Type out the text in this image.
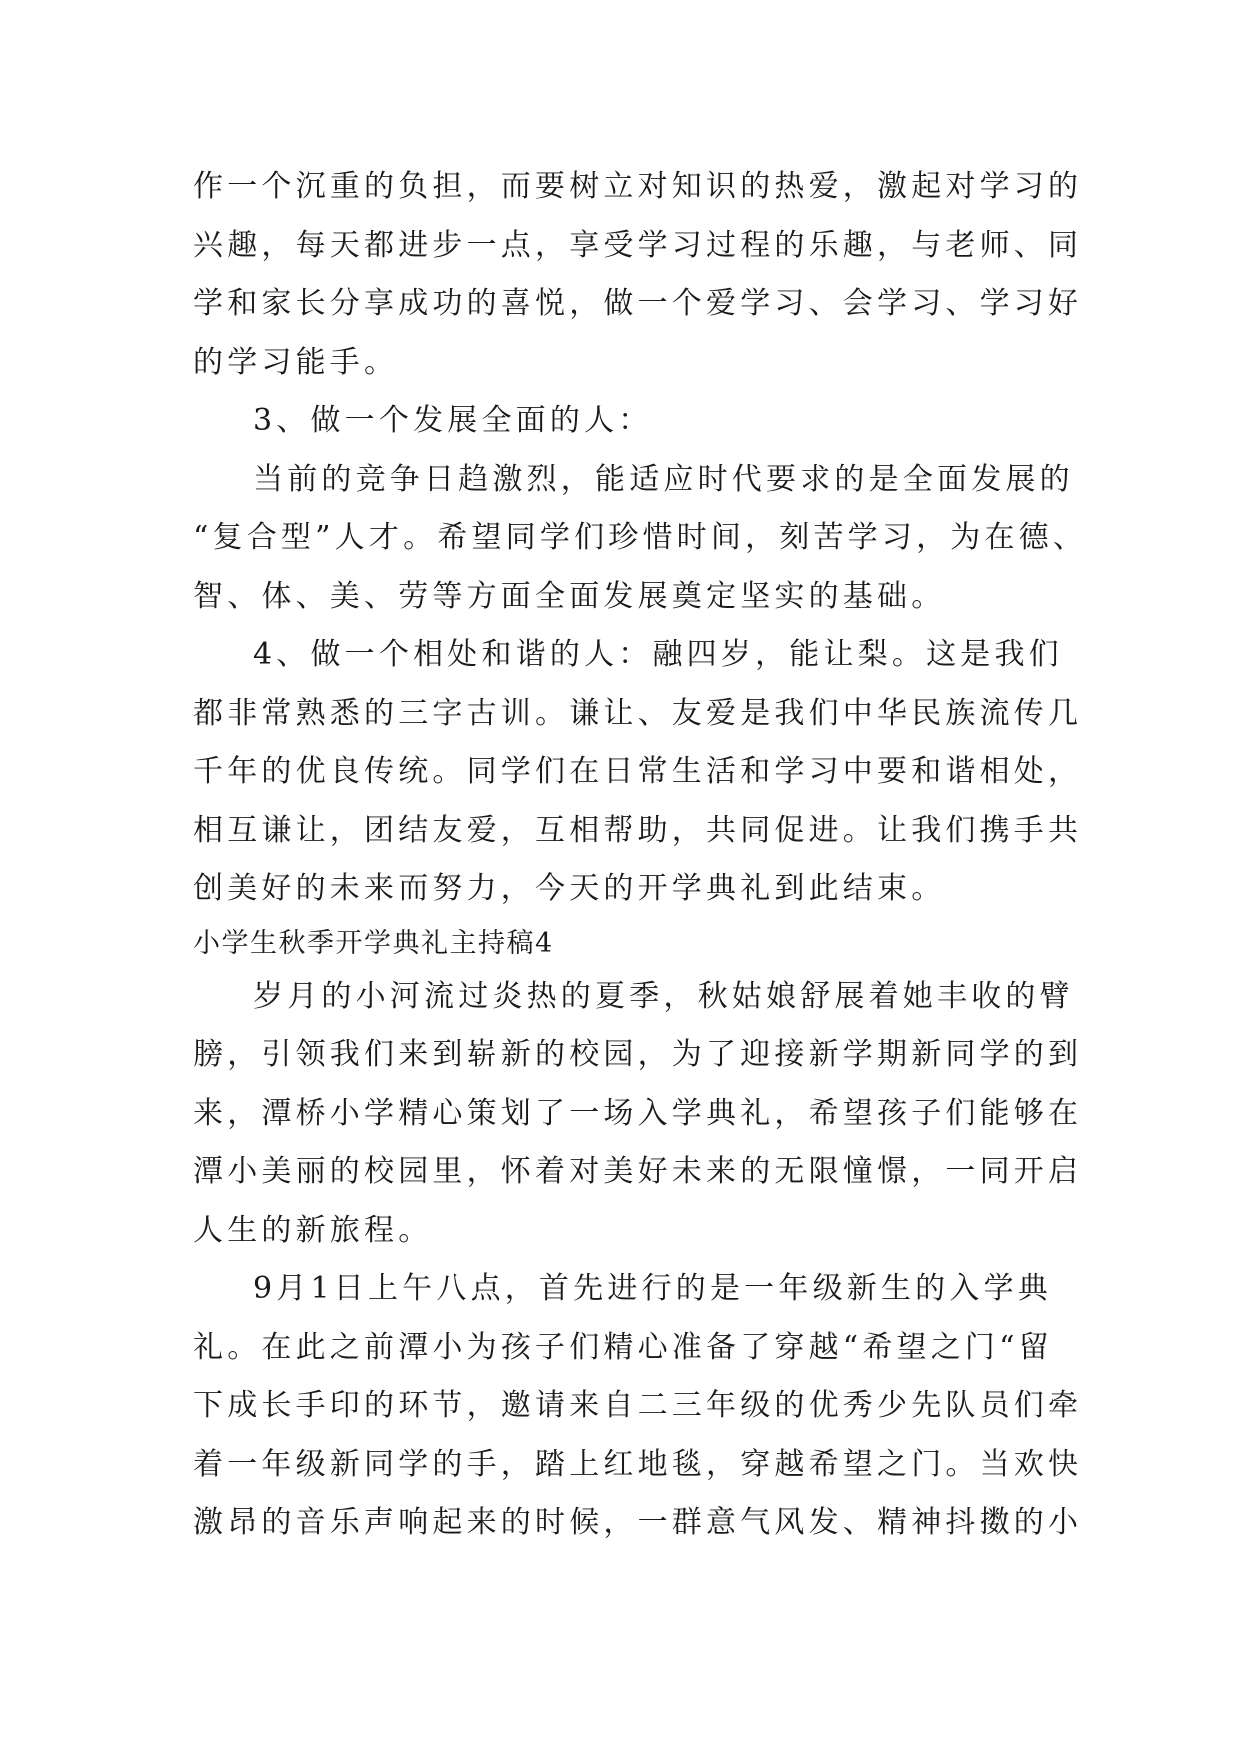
作一个沉重的负担，而要树立对知识的热爱，激起对学习的
兴趣，每天都进步一点，享受学习过程的乐趣，与老师、同
学和家长分享成功的喜悦，做一个爱学习、会学习、学习好
的学习能手。
3、做一个发展全面的人：
当前的竞争日趋激烈，能适应时代要求的是全面发展的
“复合型”人才。希望同学们珍惜时间，刻苦学习，为在德、
智、体、美、劳等方面全面发展奠定坚实的基础。
4、做一个相处和谐的人：融四岁，能让梨。这是我们
都非常熟悉的三字古训。谦让、友爱是我们中华民族流传几
千年的优良传统。同学们在日常生活和学习中要和谐相处，
相互谦让，团结友爱，互相帮助，共同促进。让我们携手共
创美好的未来而努力，今天的开学典礼到此结束。
小学生秋季开学典礼主持稿4
岁月的小河流过炎热的夏季，秋姑娘舒展着她丰收的臂
膀，引领我们来到崭新的校园，为了迎接新学期新同学的到
来，潭桥小学精心策划了一场入学典礼，希望孩子们能够在
潭小美丽的校园里，怀着对美好未来的无限憧憬，一同开启
人生的新旅程。
9月1日上午八点，首先进行的是一年级新生的入学典
礼。在此之前潭小为孩子们精心准备了穿越“希望之门“留
下成长手印的环节，邀请来自二三年级的优秀少先队员们牵
着一年级新同学的手，踏上红地毯，穿越希望之门。当欢快
激昂的音乐声响起来的时候，一群意气风发、精神抖擞的小
